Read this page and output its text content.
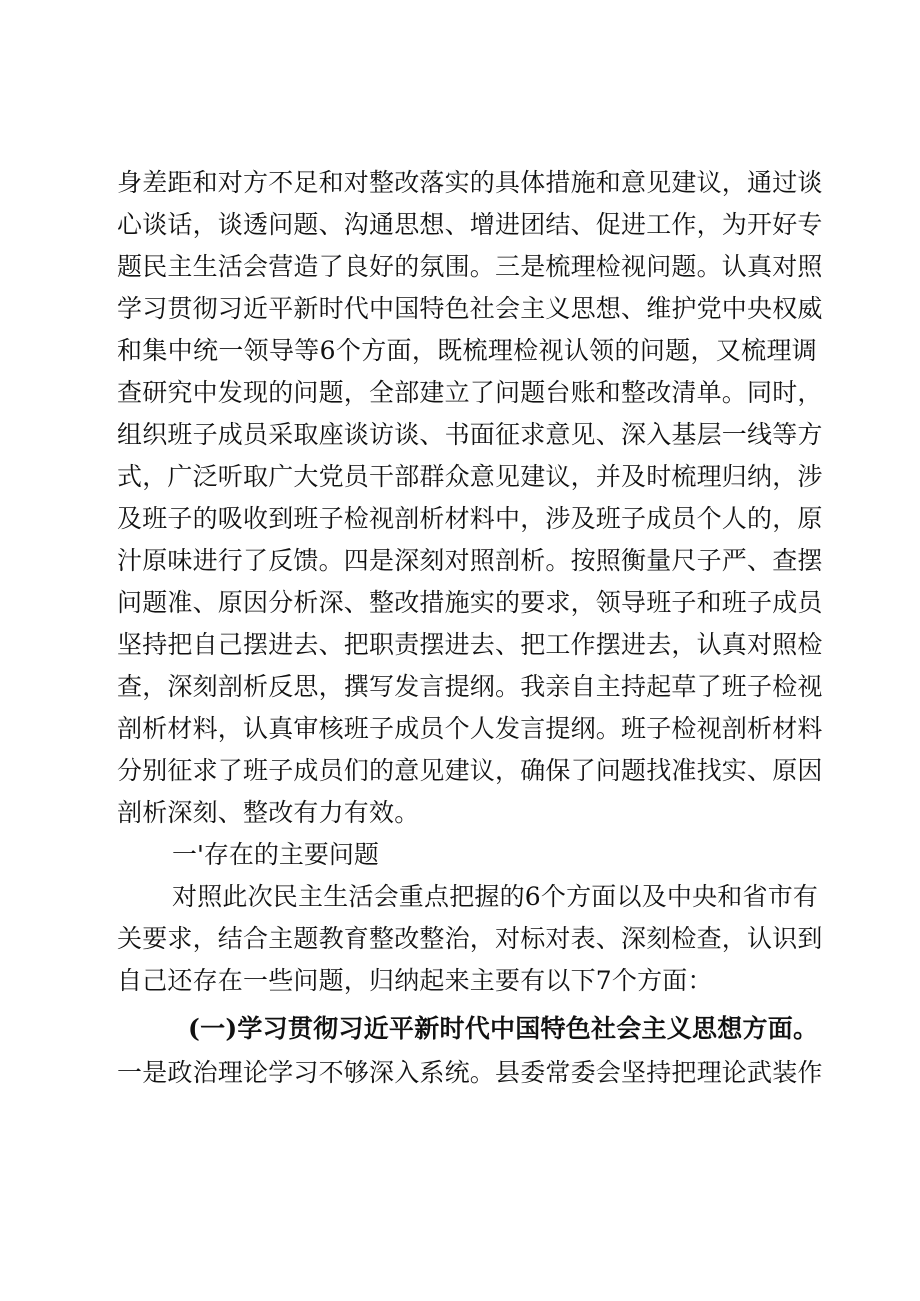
身差距和对方不足和对整改落实的具体措施和意见建议，通过谈
心谈话，谈透问题、沟通思想、增进团结、促进工作，为开好专
题民主生活会营造了良好的氛围。三是梳理检视问题。认真对照
学习贯彻习近平新时代中国特色社会主义思想、维护党中央权威
和集中统一领导等6个方面，既梳理检视认领的问题，又梳理调
查研究中发现的问题，全部建立了问题台账和整改清单。同时，
组织班子成员采取座谈访谈、书面征求意见、深入基层一线等方
式，广泛听取广大党员干部群众意见建议，并及时梳理归纳，涉
及班子的吸收到班子检视剖析材料中，涉及班子成员个人的，原
汁原味进行了反馈。四是深刻对照剖析。按照衡量尺子严、查摆
问题准、原因分析深、整改措施实的要求，领导班子和班子成员
坚持把自己摆进去、把职责摆进去、把工作摆进去，认真对照检
查，深刻剖析反思，撰写发言提纲。我亲自主持起草了班子检视
剖析材料，认真审核班子成员个人发言提纲。班子检视剖析材料
分别征求了班子成员们的意见建议，确保了问题找准找实、原因
剖析深刻、整改有力有效。
一'存在的主要问题
对照此次民主生活会重点把握的6个方面以及中央和省市有
关要求，结合主题教育整改整治，对标对表、深刻检查，认识到
自己还存在一些问题，归纳起来主要有以下7个方面：
(一)学习贯彻习近平新时代中国特色社会主义思想方面。
一是政治理论学习不够深入系统。县委常委会坚持把理论武装作
